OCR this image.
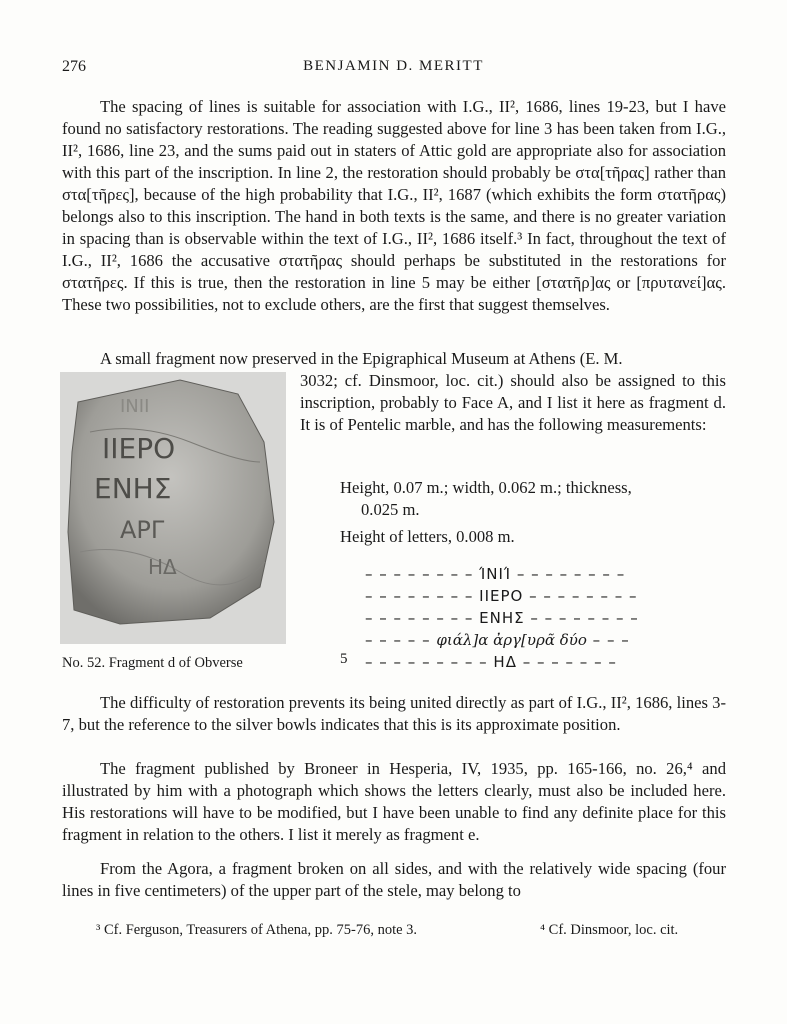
276	BENJAMIN D. MERITT

The spacing of lines is suitable for association with I.G., II², 1686, lines 19-23, but I have found no satisfactory restorations. The reading suggested above for line 3 has been taken from I.G., II², 1686, line 23, and the sums paid out in staters of Attic gold are appropriate also for association with this part of the inscription. In line 2, the restoration should probably be στα[τῆρας] rather than στα[τῆρες], because of the high probability that I.G., II², 1687 (which exhibits the form στατῆρας) belongs also to this inscription. The hand in both texts is the same, and there is no greater variation in spacing than is observable within the text of I.G., II², 1686 itself.³ In fact, throughout the text of I.G., II², 1686 the accusative στατῆρας should perhaps be substituted in the restorations for στατῆρες. If this is true, then the restoration in line 5 may be either [στατῆρ]ας or [πρυτανεί]ας. These two possibilities, not to exclude others, are the first that suggest themselves.

A small fragment now preserved in the Epigraphical Museum at Athens (E. M.

3032; cf. Dinsmoor, loc. cit.) should also be assigned to this inscription, probably to Face A, and I list it here as fragment d. It is of Pentelic marble, and has the following measurements:

ΙΙΕΡΟ
ΕΝΗΣ
ΑΡΓ
ΗΔ
ΙΝΙΙ
No. 52. Fragment d of Obverse
Height, 0.07 m.; width, 0.062 m.; thickness,
0.025 m.
Height of letters, 0.008 m.
– – – – – – – – ΊΝΙΊ – – – – – – – –
– – – – – – – – ΙΙΕΡΟ – – – – – – – –
– – – – – – – – ΕΝΗΣ – – – – – – – –
– – – – – φιάλ]α ἀργ[υρᾶ δύο – – –
5 – – – – – – – – – ΗΔ – – – – – – –

The difficulty of restoration prevents its being united directly as part of I.G., II², 1686, lines 3-7, but the reference to the silver bowls indicates that this is its approximate position.

The fragment published by Broneer in Hesperia, IV, 1935, pp. 165-166, no. 26,⁴ and illustrated by him with a photograph which shows the letters clearly, must also be included here. His restorations will have to be modified, but I have been unable to find any definite place for this fragment in relation to the others. I list it merely as fragment e.

From the Agora, a fragment broken on all sides, and with the relatively wide spacing (four lines in five centimeters) of the upper part of the stele, may belong to

³ Cf. Ferguson, Treasurers of Athena, pp. 75-76, note 3.	⁴ Cf. Dinsmoor, loc. cit.
